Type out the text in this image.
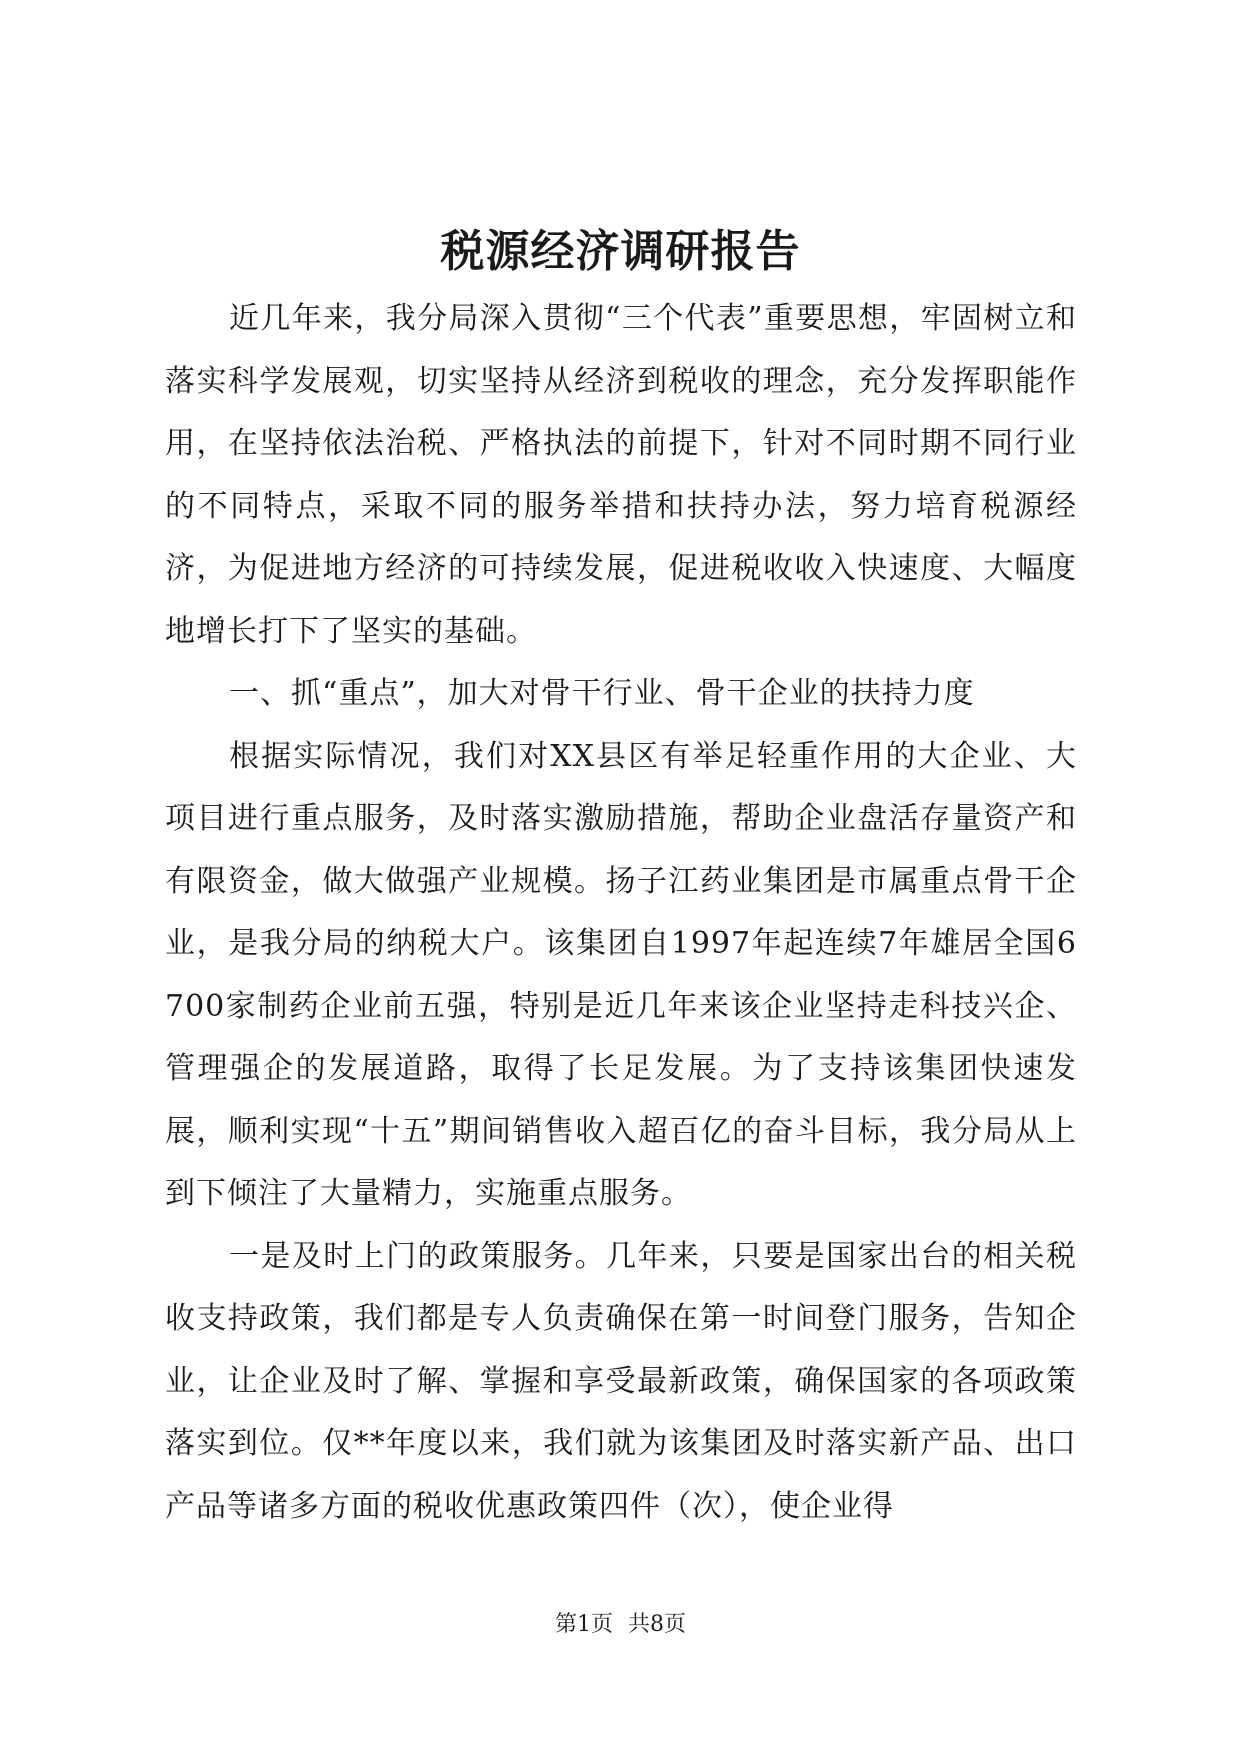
税源经济调研报告

近几年来，我分局深入贯彻“三个代表”重要思想，牢固树立和落实科学发展观，切实坚持从经济到税收的理念，充分发挥职能作用，在坚持依法治税、严格执法的前提下，针对不同时期不同行业的不同特点，采取不同的服务举措和扶持办法，努力培育税源经济，为促进地方经济的可持续发展，促进税收收入快速度、大幅度地增长打下了坚实的基础。

一、抓“重点”，加大对骨干行业、骨干企业的扶持力度

根据实际情况，我们对XX县区有举足轻重作用的大企业、大项目进行重点服务，及时落实激励措施，帮助企业盘活存量资产和有限资金，做大做强产业规模。扬子江药业集团是市属重点骨干企业，是我分局的纳税大户。该集团自1997年起连续7年雄居全国6700家制药企业前五强，特别是近几年来该企业坚持走科技兴企、管理强企的发展道路，取得了长足发展。为了支持该集团快速发展，顺利实现“十五”期间销售收入超百亿的奋斗目标，我分局从上到下倾注了大量精力，实施重点服务。

一是及时上门的政策服务。几年来，只要是国家出台的相关税收支持政策，我们都是专人负责确保在第一时间登门服务，告知企业，让企业及时了解、掌握和享受最新政策，确保国家的各项政策落实到位。仅**年度以来，我们就为该集团及时落实新产品、出口产品等诸多方面的税收优惠政策四件（次），使企业得

第1页 共8页
